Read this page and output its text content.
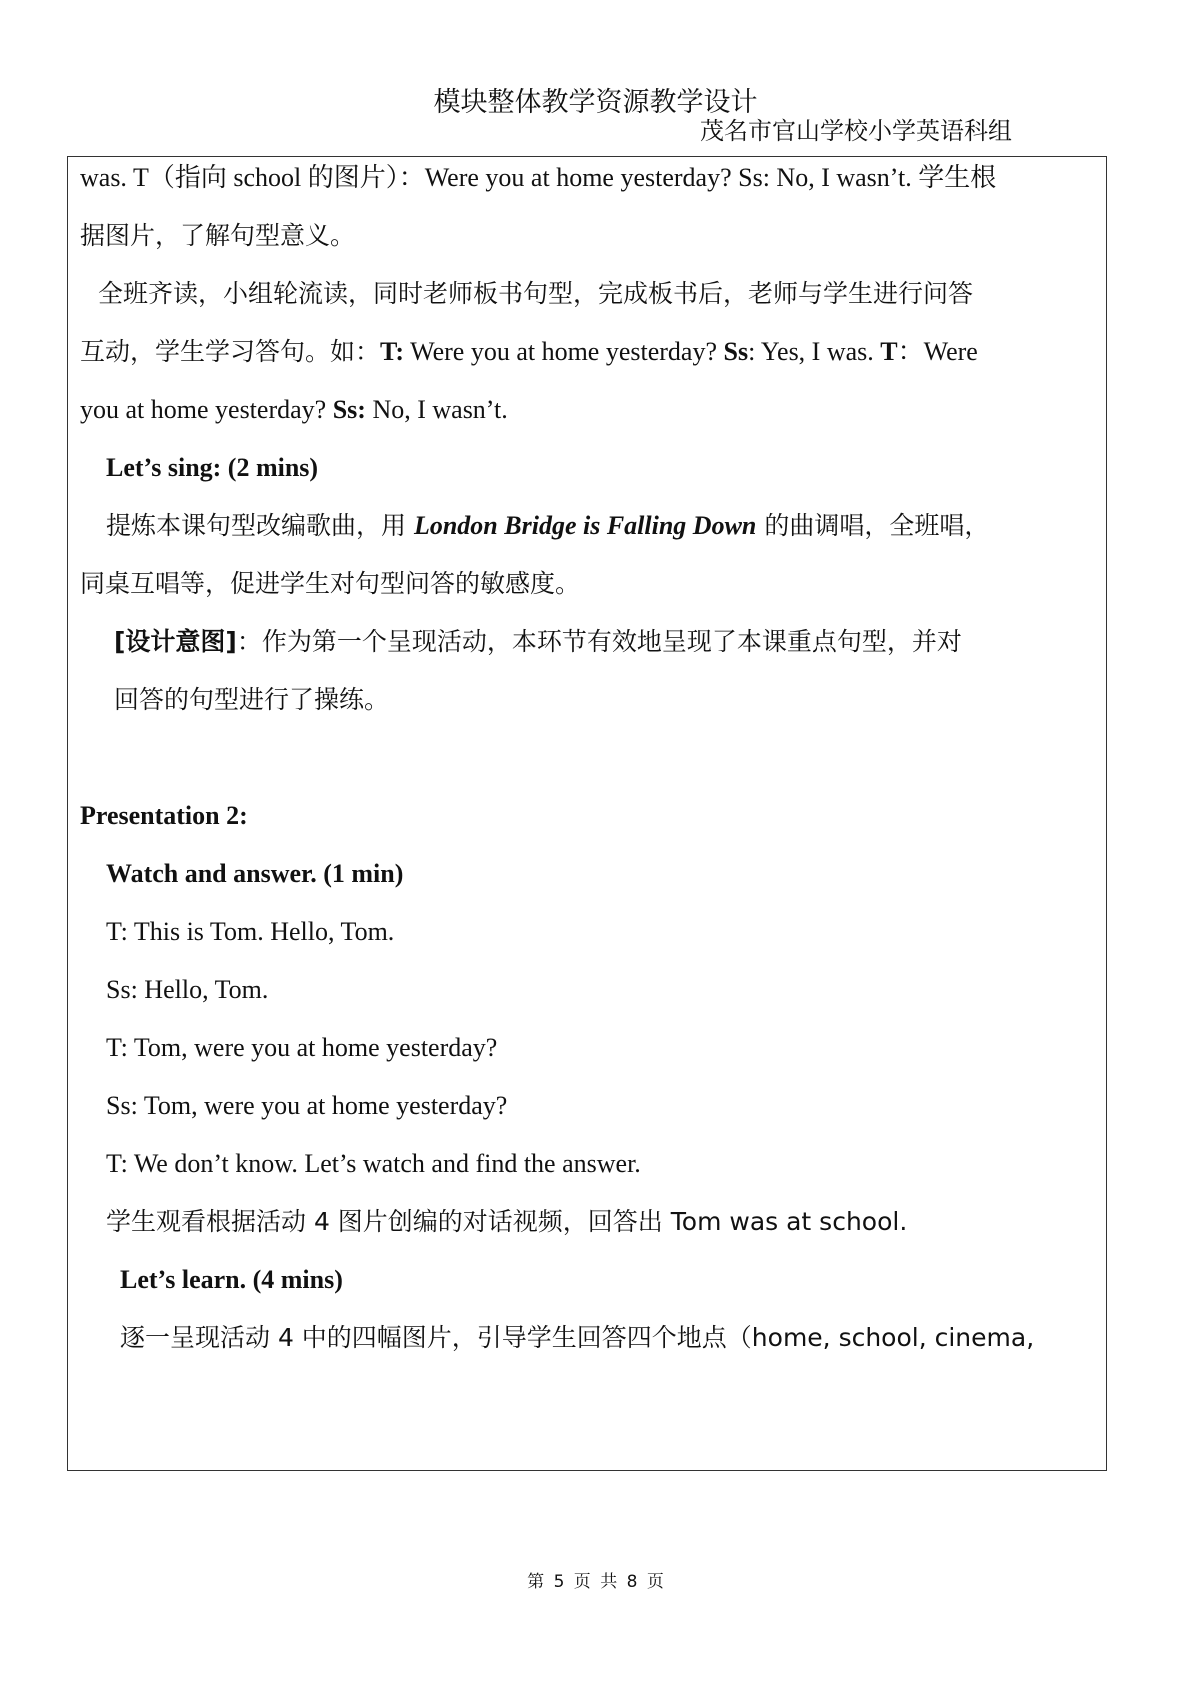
模块整体教学资源教学设计
茂名市官山学校小学英语科组
was. T（指向 school 的图片）：Were you at home yesterday? Ss: No, I wasn’t. 学生根
据图片，了解句型意义。
全班齐读，小组轮流读，同时老师板书句型，完成板书后，老师与学生进行问答
互动，学生学习答句。如：T: Were you at home yesterday? Ss: Yes, I was. T：Were
you at home yesterday? Ss: No, I wasn’t.
Let’s sing: (2 mins)
提炼本课句型改编歌曲，用 London Bridge is Falling Down 的曲调唱，全班唱，
同桌互唱等，促进学生对句型问答的敏感度。
[设计意图]：作为第一个呈现活动，本环节有效地呈现了本课重点句型，并对
回答的句型进行了操练。
Presentation 2:
Watch and answer. (1 min)
T: This is Tom. Hello, Tom.
Ss: Hello, Tom.
T: Tom, were you at home yesterday?
Ss: Tom, were you at home yesterday?
T: We don’t know. Let’s watch and find the answer.
学生观看根据活动 4 图片创编的对话视频，回答出 Tom was at school.
Let’s learn. (4 mins)
逐一呈现活动 4 中的四幅图片，引导学生回答四个地点（home, school, cinema,
第 5 页 共 8 页
